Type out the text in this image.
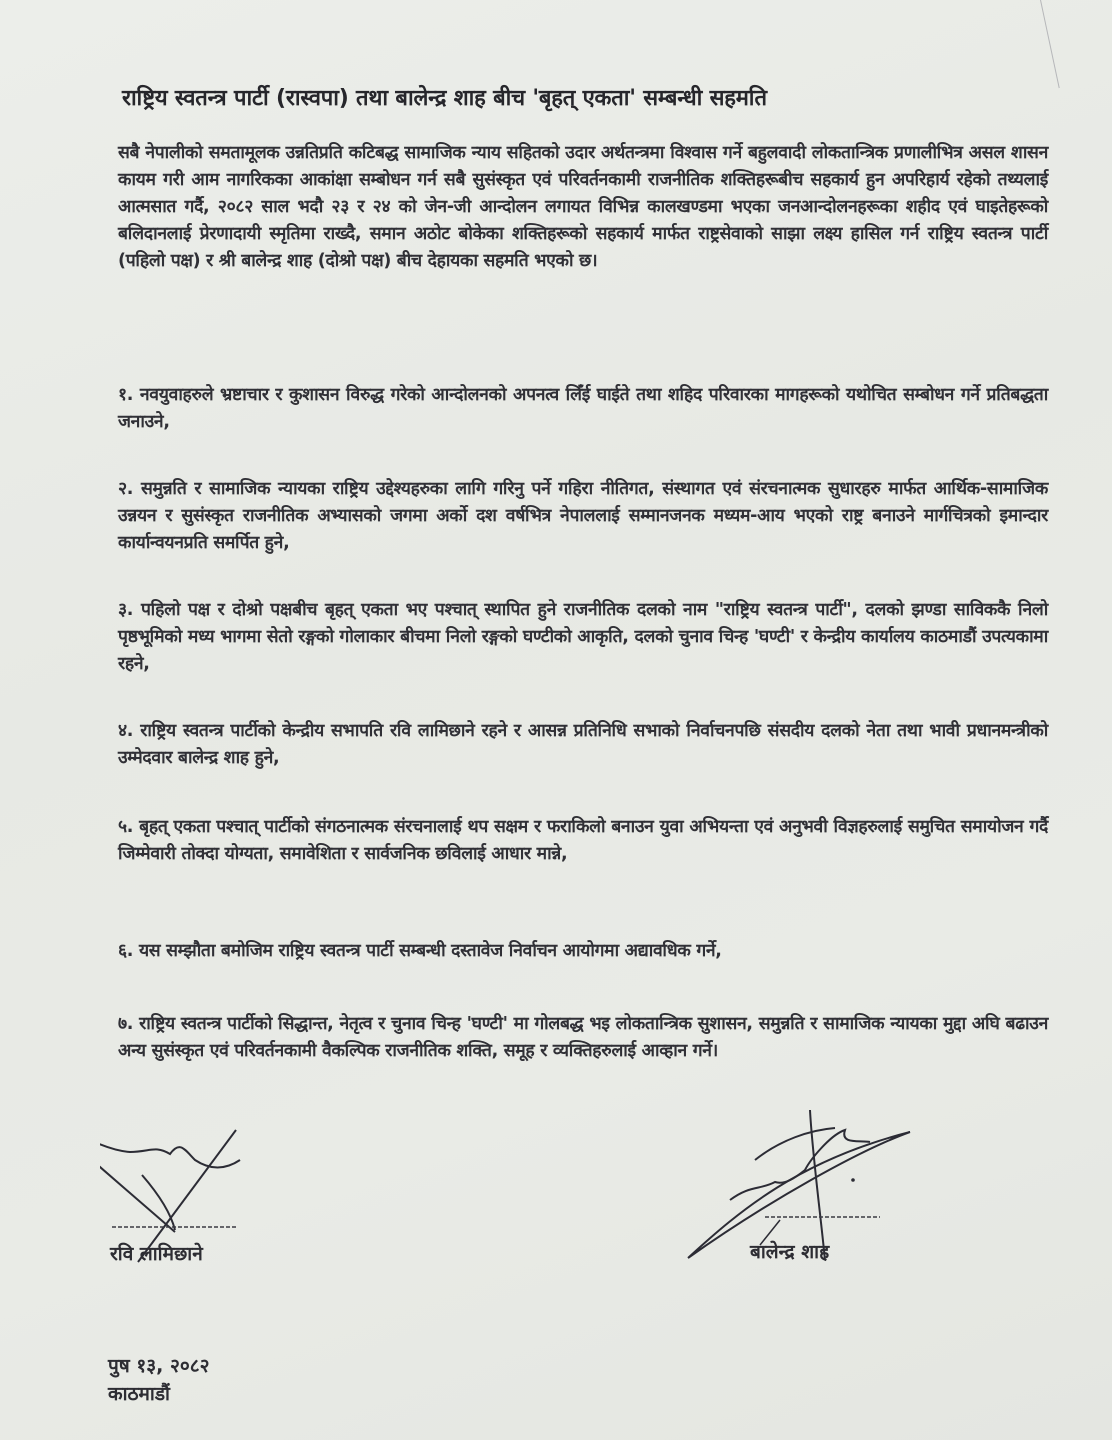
राष्ट्रिय स्वतन्त्र पार्टी (रास्वपा) तथा बालेन्द्र शाह बीच 'बृहत् एकता' सम्बन्धी सहमति
सबै नेपालीको समतामूलक उन्नतिप्रति कटिबद्ध सामाजिक न्याय सहितको उदार अर्थतन्त्रमा विश्वास गर्ने बहुलवादी लोकतान्त्रिक प्रणालीभित्र असल शासन कायम गरी आम नागरिकका आकांक्षा सम्बोधन गर्न सबै सुसंस्कृत एवं परिवर्तनकामी राजनीतिक शक्तिहरूबीच सहकार्य हुन अपरिहार्य रहेको तथ्यलाई आत्मसात गर्दै, २०८२ साल भदौ २३ र २४ को जेन-जी आन्दोलन लगायत विभिन्न कालखण्डमा भएका जनआन्दोलनहरूका शहीद एवं घाइतेहरूको बलिदानलाई प्रेरणादायी स्मृतिमा राख्दै, समान अठोट बोकेका शक्तिहरूको सहकार्य मार्फत राष्ट्रसेवाको साझा लक्ष्य हासिल गर्न राष्ट्रिय स्वतन्त्र पार्टी (पहिलो पक्ष) र श्री बालेन्द्र शाह (दोश्रो पक्ष) बीच देहायका सहमति भएको छ।
१. नवयुवाहरुले भ्रष्टाचार र कुशासन विरुद्ध गरेको आन्दोलनको अपनत्व लिँई घाईते तथा शहिद परिवारका मागहरूको यथोचित सम्बोधन गर्ने प्रतिबद्धता जनाउने,
२. समुन्नति र सामाजिक न्यायका राष्ट्रिय उद्देश्यहरुका लागि गरिनु पर्ने गहिरा नीतिगत, संस्थागत एवं संरचनात्मक सुधारहरु मार्फत आर्थिक-सामाजिक उन्नयन र सुसंस्कृत राजनीतिक अभ्यासको जगमा अर्को दश वर्षभित्र नेपाललाई सम्मानजनक मध्यम-आय भएको राष्ट्र बनाउने मार्गचित्रको इमान्दार कार्यान्वयनप्रति समर्पित हुने,
३. पहिलो पक्ष र दोश्रो पक्षबीच बृहत् एकता भए पश्चात् स्थापित हुने राजनीतिक दलको नाम "राष्ट्रिय स्वतन्त्र पार्टी", दलको झण्डा साविककै निलो पृष्ठभूमिको मध्य भागमा सेतो रङ्गको गोलाकार बीचमा निलो रङ्गको घण्टीको आकृति, दलको चुनाव चिन्ह 'घण्टी' र केन्द्रीय कार्यालय काठमाडौं उपत्यकामा रहने,
४. राष्ट्रिय स्वतन्त्र पार्टीको केन्द्रीय सभापति रवि लामिछाने रहने र आसन्न प्रतिनिधि सभाको निर्वाचनपछि संसदीय दलको नेता तथा भावी प्रधानमन्त्रीको उम्मेदवार बालेन्द्र शाह हुने,
५. बृहत् एकता पश्चात् पार्टीको संगठनात्मक संरचनालाई थप सक्षम र फराकिलो बनाउन युवा अभियन्ता एवं अनुभवी विज्ञहरुलाई समुचित समायोजन गर्दै जिम्मेवारी तोक्दा योग्यता, समावेशिता र सार्वजनिक छविलाई आधार मान्ने,
६. यस सम्झौता बमोजिम राष्ट्रिय स्वतन्त्र पार्टी सम्बन्धी दस्तावेज निर्वाचन आयोगमा अद्यावधिक गर्ने,
७. राष्ट्रिय स्वतन्त्र पार्टीको सिद्धान्त, नेतृत्व र चुनाव चिन्ह 'घण्टी' मा गोलबद्ध भइ लोकतान्त्रिक सुशासन, समुन्नति र सामाजिक न्यायका मुद्दा अघि बढाउन अन्य सुसंस्कृत एवं परिवर्तनकामी वैकल्पिक राजनीतिक शक्ति, समूह र व्यक्तिहरुलाई आव्हान गर्ने।
रवि लामिछाने	बालेन्द्र शाह
पुष १३, २०८२
काठमाडौं
